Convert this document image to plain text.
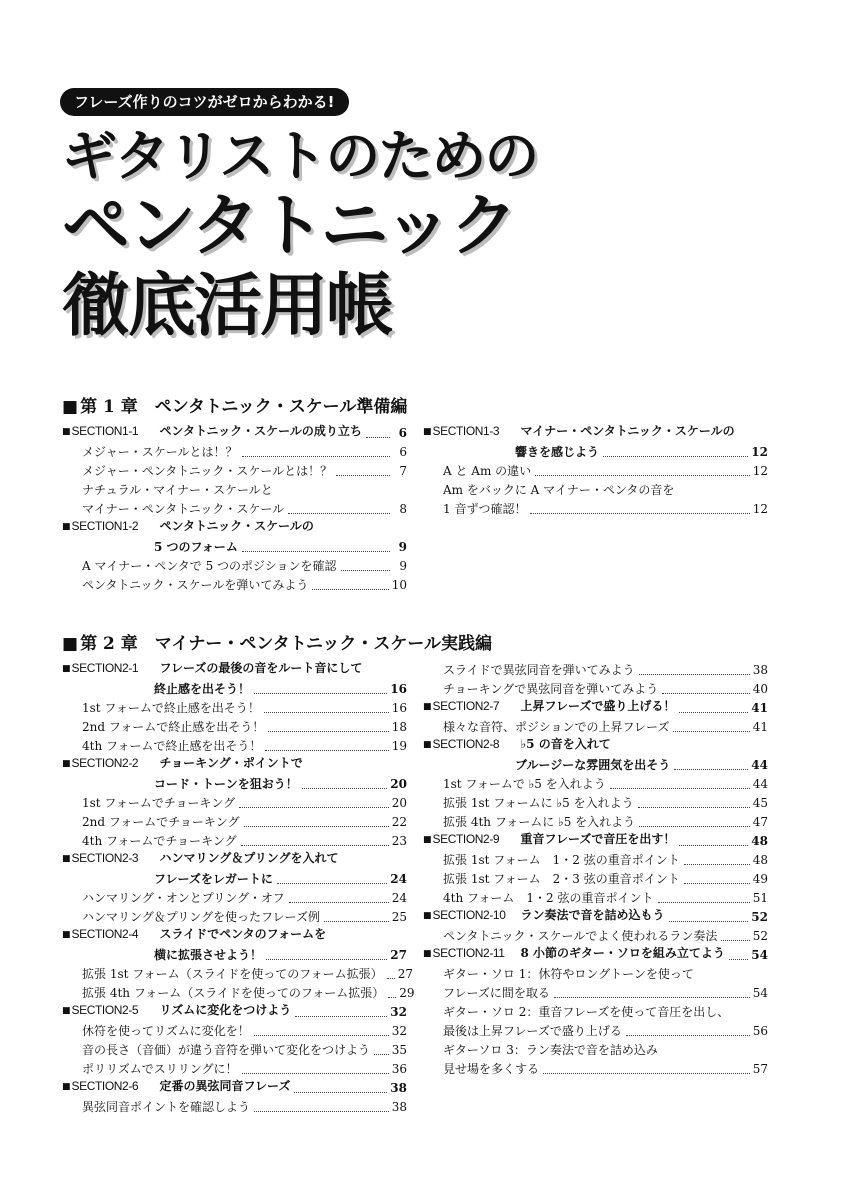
フレーズ作りのコツがゼロからわかる!
ギタリストのための
ペンタトニック
徹底活用帳
■ 第 1 章　ペンタトニック・スケール準備編
■ SECTION1-1 ペンタトニック・スケールの成り立ち	6
メジャー・スケールとは！？	6
メジャー・ペンタトニック・スケールとは！？	7
ナチュラル・マイナー・スケールと
マイナー・ペンタトニック・スケール	8
■ SECTION1-2 ペンタトニック・スケールの
5 つのフォーム	9
A マイナー・ペンタで 5 つのポジションを確認	9
ペンタトニック・スケールを弾いてみよう	10
■ SECTION1-3 マイナー・ペンタトニック・スケールの
響きを感じよう	12
A と Am の違い	12
Am をバックに A マイナー・ペンタの音を
1 音ずつ確認！	12
■ 第 2 章　マイナー・ペンタトニック・スケール実践編
■ SECTION2-1 フレーズの最後の音をルート音にして
終止感を出そう！	16
1st フォームで終止感を出そう！	16
2nd フォームで終止感を出そう！	18
4th フォームで終止感を出そう！	19
■ SECTION2-2 チョーキング・ポイントで
コード・トーンを狙おう！	20
1st フォームでチョーキング	20
2nd フォームでチョーキング	22
4th フォームでチョーキング	23
■ SECTION2-3 ハンマリング＆プリングを入れて
フレーズをレガートに	24
ハンマリング・オンとプリング・オフ	24
ハンマリング＆プリングを使ったフレーズ例	25
■ SECTION2-4 スライドでペンタのフォームを
横に拡張させよう！	27
拡張 1st フォーム（スライドを使ってのフォーム拡張） 27
拡張 4th フォーム（スライドを使ってのフォーム拡張） 29
■ SECTION2-5 リズムに変化をつけよう	32
休符を使ってリズムに変化を！	32
音の長さ（音価）が違う音符を弾いて変化をつけよう 35
ポリリズムでスリリングに！	36
■ SECTION2-6 定番の異弦同音フレーズ	38
異弦同音ポイントを確認しよう	38
スライドで異弦同音を弾いてみよう	38
チョーキングで異弦同音を弾いてみよう	40
■ SECTION2-7 上昇フレーズで盛り上げる！	41
様々な音符、ポジションでの上昇フレーズ	41
■ SECTION2-8 ♭5 の音を入れて
ブルージーな雰囲気を出そう	44
1st フォームで ♭5 を入れよう	44
拡張 1st フォームに ♭5 を入れよう	45
拡張 4th フォームに ♭5 を入れよう	47
■ SECTION2-9 重音フレーズで音圧を出す！	48
拡張 1st フォーム　1・2 弦の重音ポイント	48
拡張 1st フォーム　2・3 弦の重音ポイント	49
4th フォーム　1・2 弦の重音ポイント	51
■ SECTION2-10 ラン奏法で音を詰め込もう	52
ペンタトニック・スケールでよく使われるラン奏法	52
■ SECTION2-11 8 小節のギター・ソロを組み立てよう 54
ギター・ソロ 1：休符やロングトーンを使って
フレーズに間を取る	54
ギター・ソロ 2：重音フレーズを使って音圧を出し、
最後は上昇フレーズで盛り上げる	56
ギターソロ 3：ラン奏法で音を詰め込み
見せ場を多くする	57
